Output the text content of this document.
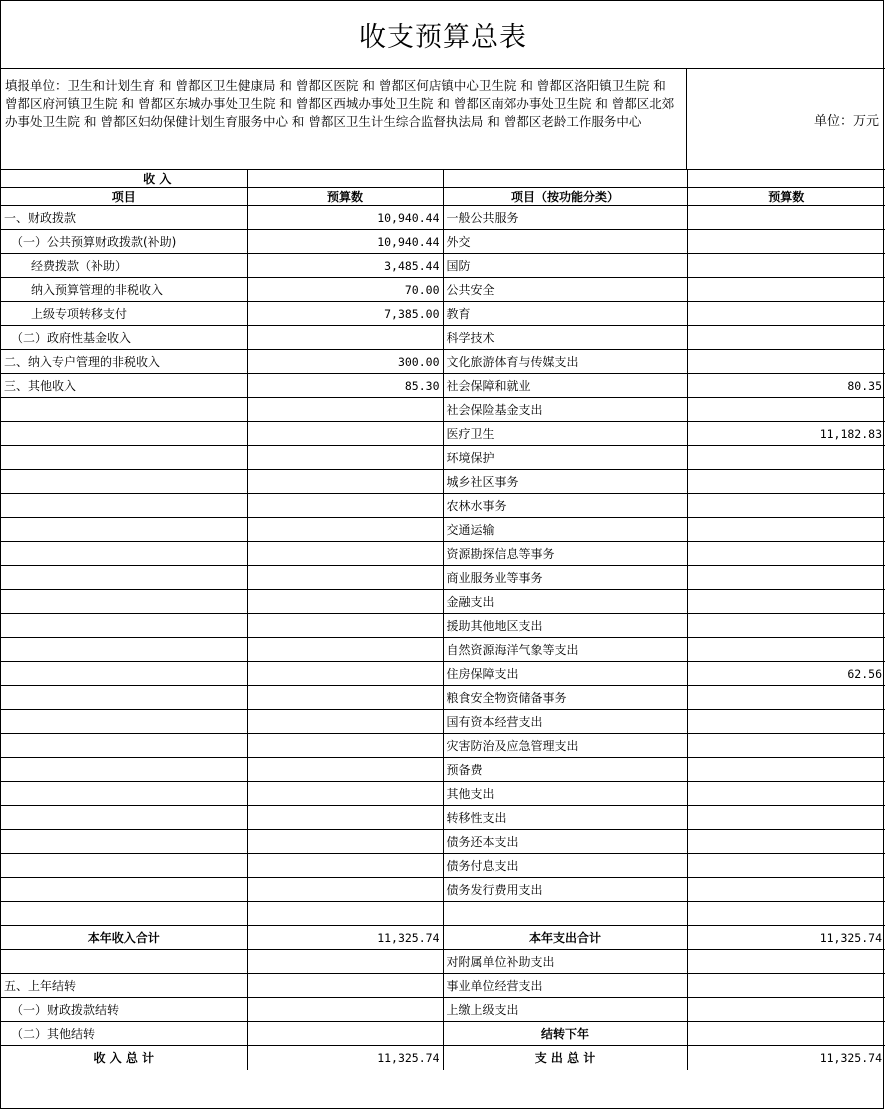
收支预算总表
填报单位：卫生和计划生育 和 曾都区卫生健康局 和 曾都区医院 和 曾都区何店镇中心卫生院 和 曾都区洛阳镇卫生院 和 曾都区府河镇卫生院 和 曾都区东城办事处卫生院 和 曾都区西城办事处卫生院 和 曾都区南郊办事处卫生院 和 曾都区北郊办事处卫生院 和 曾都区妇幼保健计划生育服务中心 和 曾都区卫生计生综合监督执法局 和 曾都区老龄工作服务中心	单位：万元
收 入			
项目	预算数	项目（按功能分类）	预算数
一、财政拨款	10,940.44	一般公共服务	
（一）公共预算财政拨款(补助)	10,940.44	外交	
经费拨款（补助）	3,485.44	国防	
纳入预算管理的非税收入	70.00	公共安全	
上级专项转移支付	7,385.00	教育	
（二）政府性基金收入		科学技术	
二、纳入专户管理的非税收入	300.00	文化旅游体育与传媒支出	
三、其他收入	85.30	社会保障和就业	80.35
		社会保险基金支出	
		医疗卫生	11,182.83
		环境保护	
		城乡社区事务	
		农林水事务	
		交通运输	
		资源勘探信息等事务	
		商业服务业等事务	
		金融支出	
		援助其他地区支出	
		自然资源海洋气象等支出	
		住房保障支出	62.56
		粮食安全物资储备事务	
		国有资本经营支出	
		灾害防治及应急管理支出	
		预备费	
		其他支出	
		转移性支出	
		债务还本支出	
		债务付息支出	
		债务发行费用支出	

本年收入合计	11,325.74	本年支出合计	11,325.74
		对附属单位补助支出	
五、上年结转		事业单位经营支出	
（一）财政拨款结转		上缴上级支出	
（二）其他结转		结转下年	
收 入 总 计	11,325.74	支 出 总 计	11,325.74
